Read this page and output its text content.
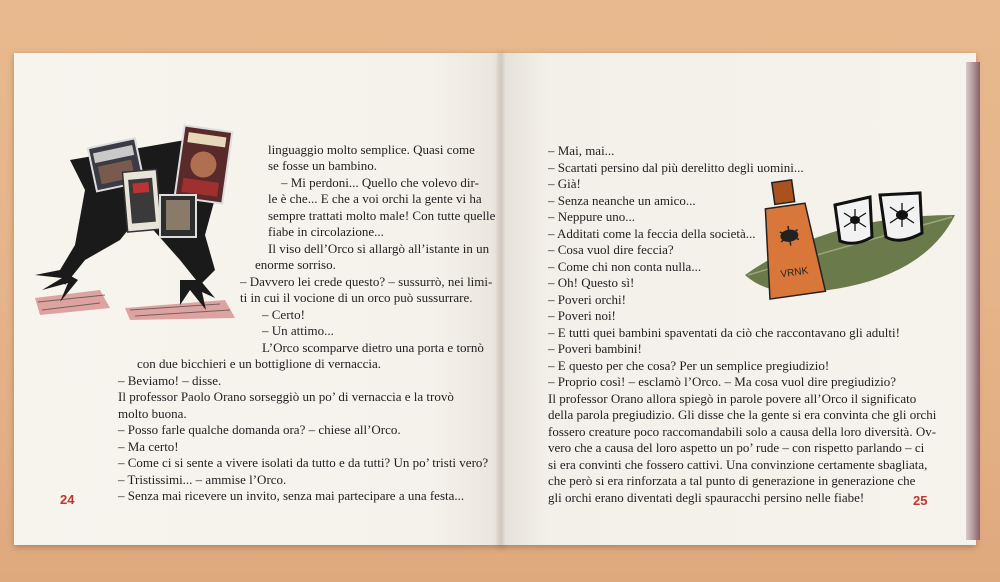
VRNK
linguaggio molto semplice. Quasi come
se fosse un bambino.
– Mi perdoni... Quello che volevo dir-
le è che... E che a voi orchi la gente vi ha
sempre trattati molto male! Con tutte quelle
fiabe in circolazione...
Il viso dell’Orco si allargò all’istante in un
enorme sorriso.
– Davvero lei crede questo? – sussurrò, nei limi-
ti in cui il vocione di un orco può sussurrare.
– Certo!
– Un attimo...
L’Orco scomparve dietro una porta e tornò
con due bicchieri e un bottiglione di vernaccia.
– Beviamo! – disse.
Il professor Paolo Orano sorseggiò un po’ di vernaccia e la trovò
molto buona.
– Posso farle qualche domanda ora? – chiese all’Orco.
– Ma certo!
– Come ci si sente a vivere isolati da tutto e da tutti? Un po’ tristi vero?
– Tristissimi... – ammise l’Orco.
– Senza mai ricevere un invito, senza mai partecipare a una festa...
24
– Mai, mai...
– Scartati persino dal più derelitto degli uomini...
– Già!
– Senza neanche un amico...
– Neppure uno...
– Additati come la feccia della società...
– Cosa vuol dire feccia?
– Come chi non conta nulla...
– Oh! Questo sì!
– Poveri orchi!
– Poveri noi!
– E tutti quei bambini spaventati da ciò che raccontavano gli adulti!
– Poveri bambini!
– E questo per che cosa? Per un semplice pregiudizio!
– Proprio così! – esclamò l’Orco. – Ma cosa vuol dire pregiudizio?
Il professor Orano allora spiegò in parole povere all’Orco il significato
della parola pregiudizio. Gli disse che la gente si era convinta che gli orchi
fossero creature poco raccomandabili solo a causa della loro diversità. Ov-
vero che a causa del loro aspetto un po’ rude – con rispetto parlando – ci
si era convinti che fossero cattivi. Una convinzione certamente sbagliata,
che però si era rinforzata a tal punto di generazione in generazione che
gli orchi erano diventati degli spauracchi persino nelle fiabe!	25
